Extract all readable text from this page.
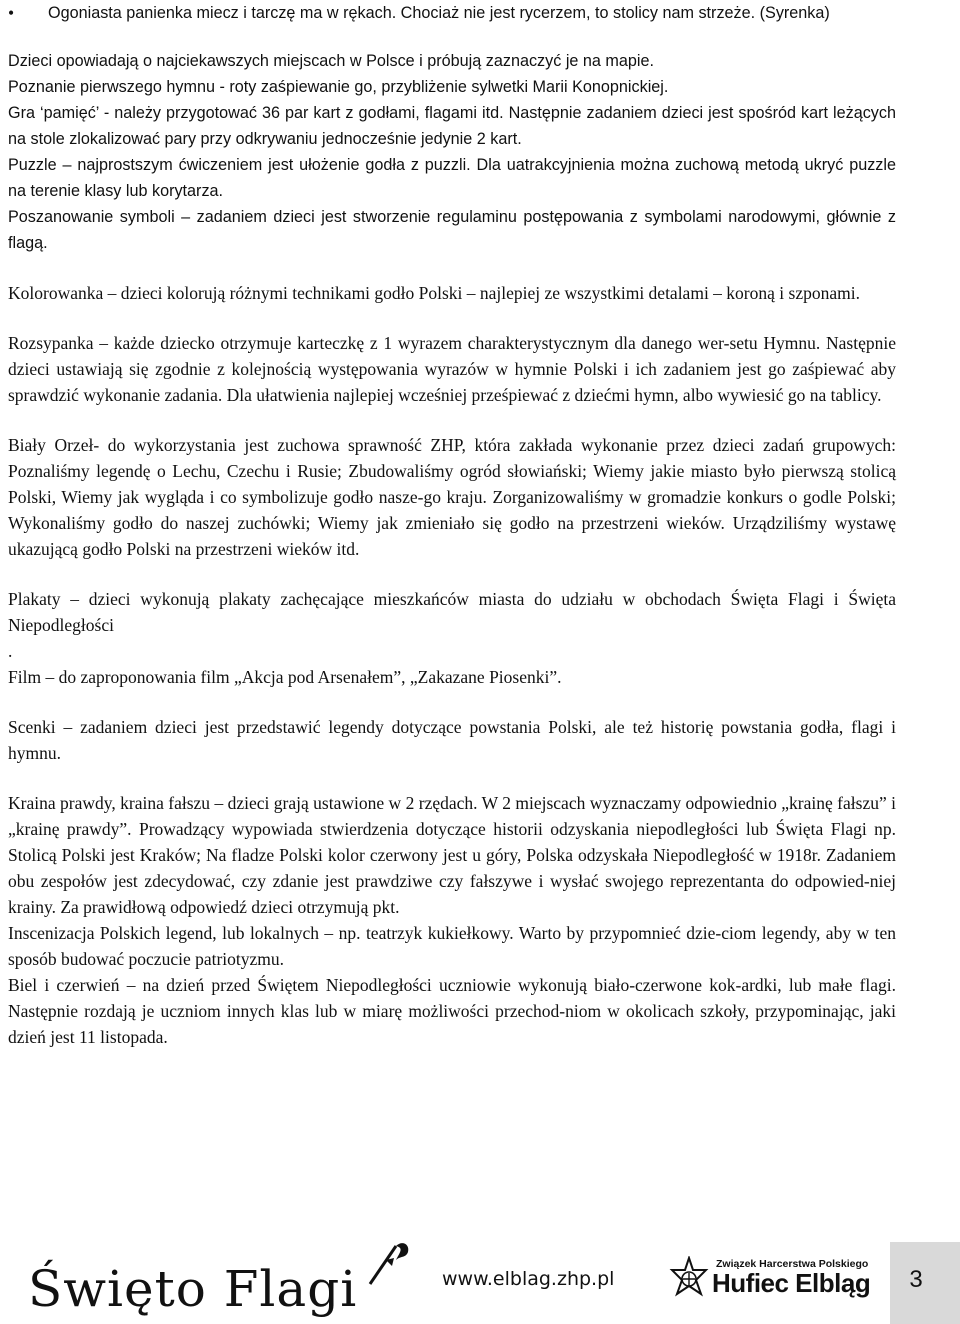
• Ogoniasta panienka miecz i tarczę ma w rękach. Chociaż nie jest rycerzem, to stolicy nam strzeże. (Syrenka)

Dzieci opowiadają o najciekawszych miejscach w Polsce i próbują zaznaczyć je na mapie.

Poznanie pierwszego hymnu - roty zaśpiewanie go, przybliżenie sylwetki Marii Konopnickiej.

Gra ‘pamięć’ - należy przygotować 36 par kart z godłami, flagami itd. Następnie zadaniem dzieci jest spośród kart leżących na stole zlokalizować pary przy odkrywaniu jednocześnie jedynie 2 kart.

Puzzle – najprostszym ćwiczeniem jest ułożenie godła z puzzli. Dla uatrakcyjnienia można zuchową metodą ukryć puzzle na terenie klasy lub korytarza.

Poszanowanie symboli – zadaniem dzieci jest stworzenie regulaminu postępowania z symbolami narodowymi, głównie z flagą.

Kolorowanka – dzieci kolorują różnymi technikami godło Polski – najlepiej ze wszystkimi detalami – koroną i szponami.

Rozsypanka – każde dziecko otrzymuje karteczkę z 1 wyrazem charakterystycznym dla danego wer-setu Hymnu. Następnie dzieci ustawiają się zgodnie z kolejnością występowania wyrazów w hymnie Polski i ich zadaniem jest go zaśpiewać aby sprawdzić wykonanie zadania. Dla ułatwienia najlepiej wcześniej prześpiewać z dziećmi hymn, albo wywiesić go na tablicy.

Biały Orzeł- do wykorzystania jest zuchowa sprawność ZHP, która zakłada wykonanie przez dzieci zadań grupowych: Poznaliśmy legendę o Lechu, Czechu i Rusie; Zbudowaliśmy ogród słowiański; Wiemy jakie miasto było pierwszą stolicą Polski, Wiemy jak wygląda i co symbolizuje godło nasze-go kraju. Zorganizowaliśmy w gromadzie konkurs o godle Polski; Wykonaliśmy godło do naszej zuchówki; Wiemy jak zmieniało się godło na przestrzeni wieków. Urządziliśmy wystawę ukazującą godło Polski na przestrzeni wieków itd.

Plakaty – dzieci wykonują plakaty zachęcające mieszkańców miasta do udziału w obchodach Święta Flagi i Święta Niepodległości

.

Film – do zaproponowania film „Akcja pod Arsenałem”, „Zakazane Piosenki”.

Scenki – zadaniem dzieci jest przedstawić legendy dotyczące powstania Polski, ale też historię powstania godła, flagi i hymnu.

Kraina prawdy, kraina fałszu – dzieci grają ustawione w 2 rzędach. W 2 miejscach wyznaczamy odpowiednio „krainę fałszu” i „krainę prawdy”. Prowadzący wypowiada stwierdzenia dotyczące historii odzyskania niepodległości lub Święta Flagi np. Stolicą Polski jest Kraków; Na fladze Polski kolor czerwony jest u góry, Polska odzyskała Niepodległość w 1918r. Zadaniem obu zespołów jest zdecydować, czy zdanie jest prawdziwe czy fałszywe i wysłać swojego reprezentanta do odpowied-niej krainy. Za prawidłową odpowiedź dzieci otrzymują pkt.

Inscenizacja Polskich legend, lub lokalnych – np. teatrzyk kukiełkowy. Warto by przypomnieć dzie-ciom legendy, aby w ten sposób budować poczucie patriotyzmu.

Biel i czerwień – na dzień przed Świętem Niepodległości uczniowie wykonują biało-czerwone kok-ardki, lub małe flagi. Następnie rozdają je uczniom innych klas lub w miarę możliwości przechod-niom w okolicach szkoły, przypominając, jaki dzień jest 11 listopada.

Święto Flagi	www.elblag.zhp.pl
Związek Harcerstwa Polskiego
Hufiec Elbląg	3
